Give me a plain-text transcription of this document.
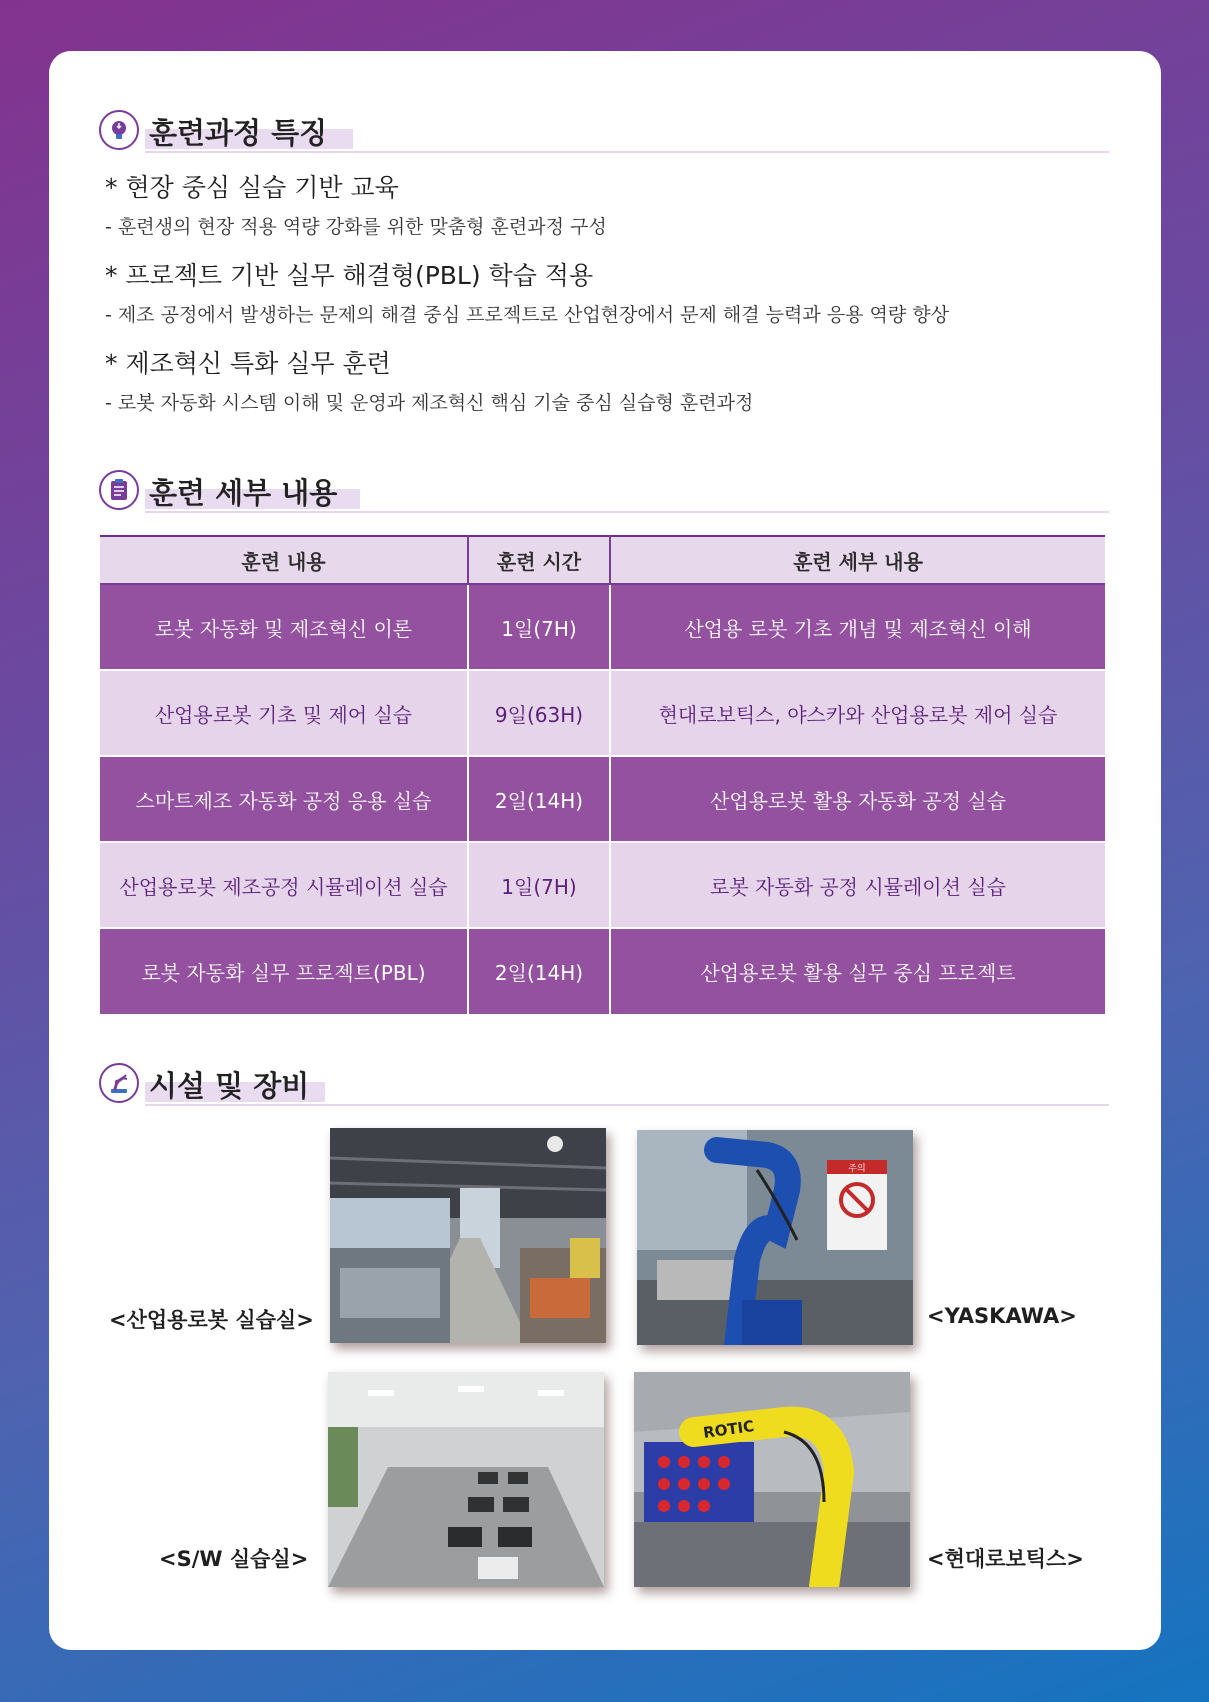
훈련과정 특징
* 현장 중심 실습 기반 교육
- 훈련생의 현장 적용 역량 강화를 위한 맞춤형 훈련과정 구성
* 프로젝트 기반 실무 해결형(PBL) 학습 적용
- 제조 공정에서 발생하는 문제의 해결 중심 프로젝트로 산업현장에서 문제 해결 능력과 응용 역량 향상
* 제조혁신 특화 실무 훈련
- 로봇 자동화 시스템 이해 및 운영과 제조혁신 핵심 기술 중심 실습형 훈련과정
훈련 세부 내용
훈련 내용	훈련 시간	훈련 세부 내용
로봇 자동화 및 제조혁신 이론	1일(7H)	산업용 로봇 기초 개념 및 제조혁신 이해
산업용로봇 기초 및 제어 실습	9일(63H)	현대로보틱스, 야스카와 산업용로봇 제어 실습
스마트제조 자동화 공정 응용 실습	2일(14H)	산업용로봇 활용 자동화 공정 실습
산업용로봇 제조공정 시뮬레이션 실습	1일(7H)	로봇 자동화 공정 시뮬레이션 실습
로봇 자동화 실무 프로젝트(PBL)	2일(14H)	산업용로봇 활용 실무 중심 프로젝트
시설 및 장비
주의
ROTIC
<산업용로봇 실습실>	<YASKAWA>
<S/W 실습실>	<현대로보틱스>
